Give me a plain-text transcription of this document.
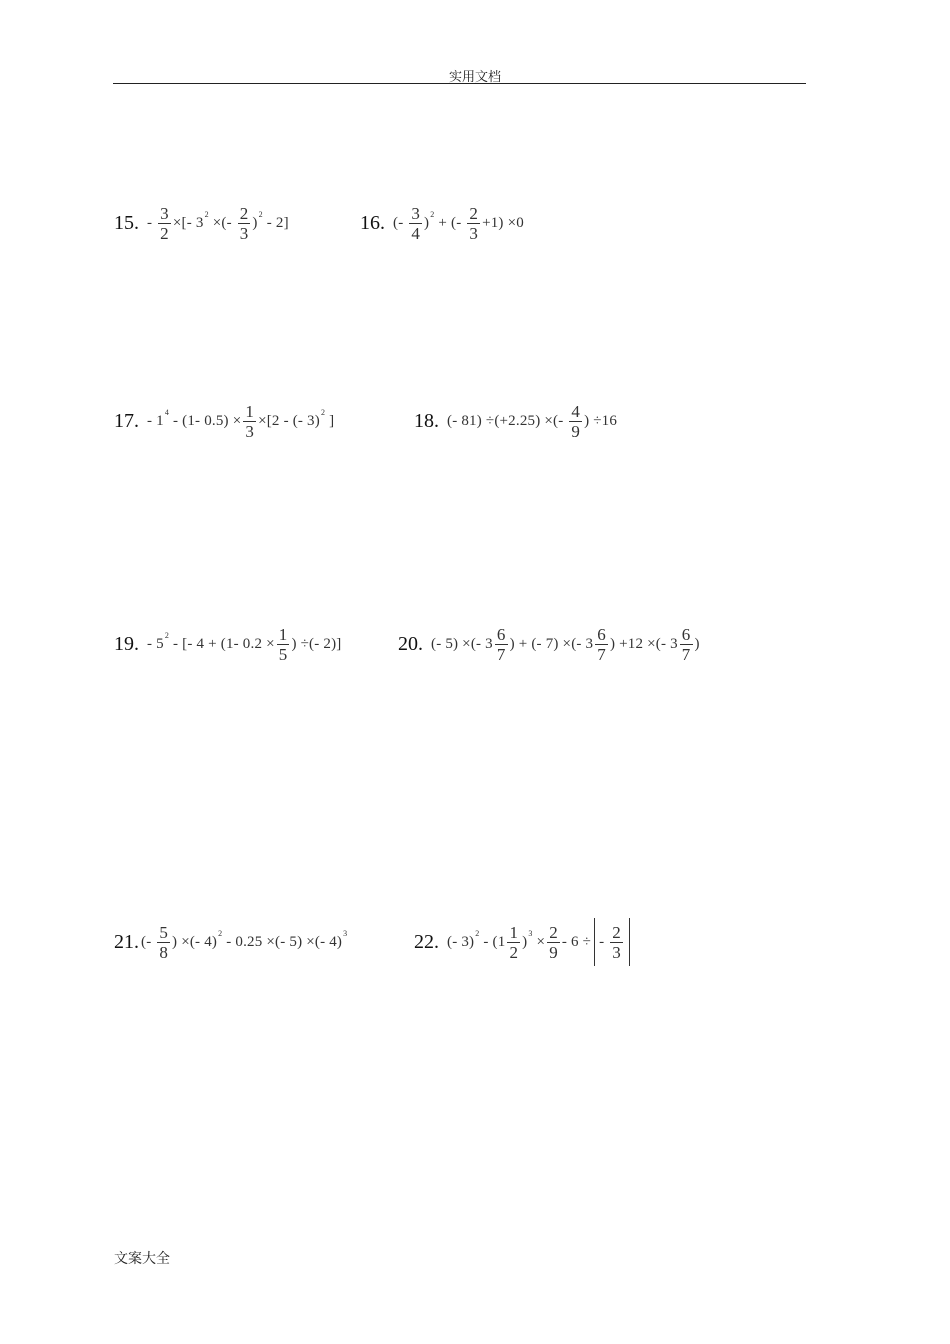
实用文档
15. - $\frac{3}{2}$ ×[- $3^2$ ×(- $\frac{2}{3} )^2 - 2$]	16. (- $\frac{3}{4} )^2$ + (- $\frac{2}{3} +1) \times 0$
17. - $1^4 - (1-$ $0.5) \times \frac{1}{3} \times[2$ - (- 3)$^2$ ]	18. (- 81) ÷(+2.25) ×(- $\frac{4}{9}$ ) ÷16
19. - $5^2$ - [- 4 + (1- $0.2 \times \frac{1}{5}$ ) ÷(- 2)]	20. (- 5) ×(- $3 \frac{6}{7}$ ) + (- 7) ×(- $3 \frac{6}{7}$ ) +12 ×(- $3 \frac{6}{7}$ )
21. (- $\frac{5}{8}$ ) ×(- 4)$^2$ - 0.25 ×(- 5) ×(- 4)$^3$	22. (- $3)^2 - (1 \frac{1}{2} )^3 \times \frac{2}{9} - 6$ ÷ - $\frac{2}{3}$
文案大全
